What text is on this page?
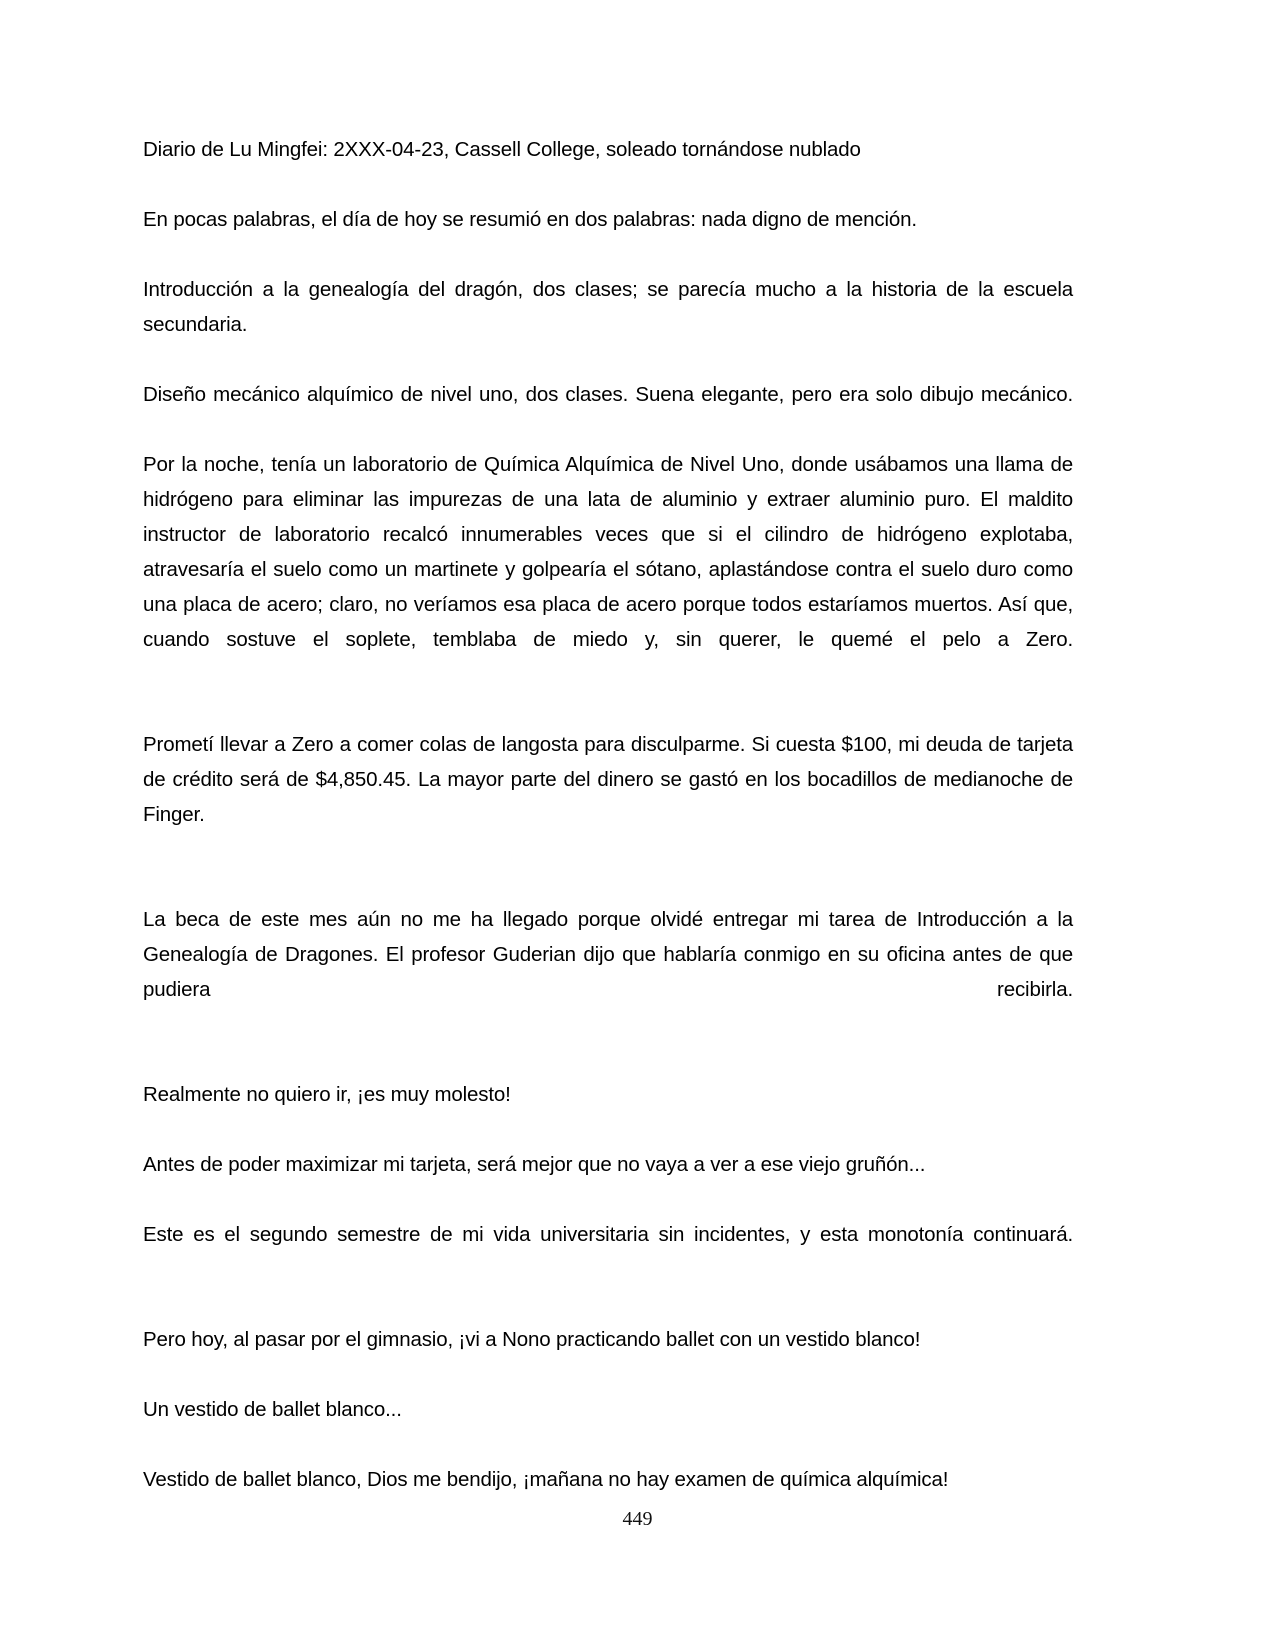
Diario de Lu Mingfei: 2XXX-04-23, Cassell College, soleado tornándose nublado

En pocas palabras, el día de hoy se resumió en dos palabras: nada digno de mención.

Introducción a la genealogía del dragón, dos clases; se parecía mucho a la historia de la escuela secundaria.

Diseño mecánico alquímico de nivel uno, dos clases. Suena elegante, pero era solo dibujo mecánico.

Por la noche, tenía un laboratorio de Química Alquímica de Nivel Uno, donde usábamos una llama de hidrógeno para eliminar las impurezas de una lata de aluminio y extraer aluminio puro. El maldito instructor de laboratorio recalcó innumerables veces que si el cilindro de hidrógeno explotaba, atravesaría el suelo como un martinete y golpearía el sótano, aplastándose contra el suelo duro como una placa de acero; claro, no veríamos esa placa de acero porque todos estaríamos muertos. Así que, cuando sostuve el soplete, temblaba de miedo y, sin querer, le quemé el pelo a Zero.

Prometí llevar a Zero a comer colas de langosta para disculparme. Si cuesta $100, mi deuda de tarjeta de crédito será de $4,850.45. La mayor parte del dinero se gastó en los bocadillos de medianoche de Finger.

La beca de este mes aún no me ha llegado porque olvidé entregar mi tarea de Introducción a la Genealogía de Dragones. El profesor Guderian dijo que hablaría conmigo en su oficina antes de que pudiera recibirla.

Realmente no quiero ir, ¡es muy molesto!

Antes de poder maximizar mi tarjeta, será mejor que no vaya a ver a ese viejo gruñón...

Este es el segundo semestre de mi vida universitaria sin incidentes, y esta monotonía continuará.

Pero hoy, al pasar por el gimnasio, ¡vi a Nono practicando ballet con un vestido blanco!

Un vestido de ballet blanco...

Vestido de ballet blanco, Dios me bendijo, ¡mañana no hay examen de química alquímica!

449
